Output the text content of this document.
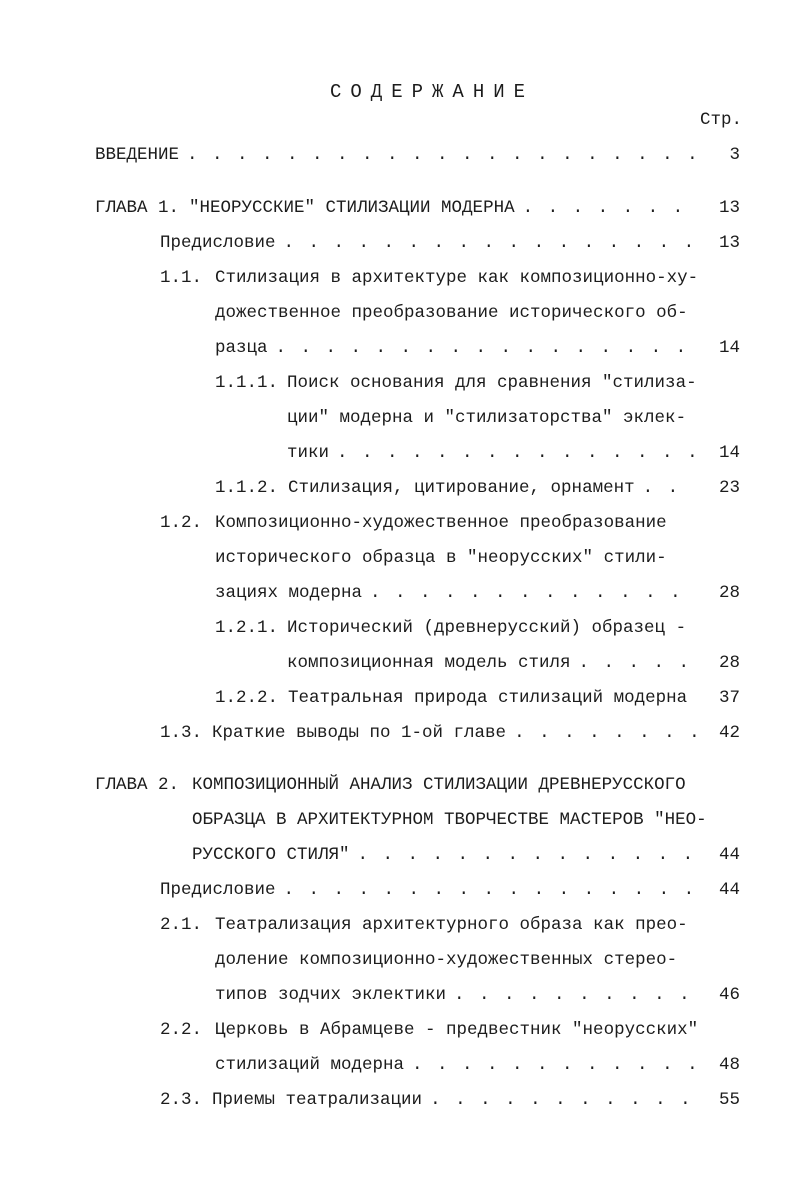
СОДЕРЖАНИЕ
Стр.
ВВЕДЕНИЕ . . .	3
ГЛАВА 1. "НЕОРУССКИЕ" СТИЛИЗАЦИИ МОДЕРНА . . .	13
Предисловие . . .	13
1.1. Стилизация в архитектуре как композиционно-ху-
дожественное преобразование исторического об-
разца . . .	14
1.1.1. Поиск основания для сравнения "стилиза-
ции" модерна и "стилизаторства" эклек-
тики . . .	14
1.1.2. Стилизация, цитирование, орнамент . . .	23
1.2. Композиционно-художественное преобразование
исторического образца в "неорусских" стили-
зациях модерна . . .	28
1.2.1. Исторический (древнерусский) образец -
композиционная модель стиля . . .	28
1.2.2. Театральная природа стилизаций модерна	37
1.3. Краткие выводы по 1-ой главе . . .	42
ГЛАВА 2. КОМПОЗИЦИОННЫЙ АНАЛИЗ СТИЛИЗАЦИИ ДРЕВНЕРУССКОГО
ОБРАЗЦА В АРХИТЕКТУРНОМ ТВОРЧЕСТВЕ МАСТЕРОВ "НЕО-
РУССКОГО СТИЛЯ" . . .	44
Предисловие . . .	44
2.1. Театрализация архитектурного образа как прео-
доление композиционно-художественных стерео-
типов зодчих эклектики . . .	46
2.2. Церковь в Абрамцеве - предвестник "неорусских"
стилизаций модерна . . .	48
2.3. Приемы театрализации . . .	55
